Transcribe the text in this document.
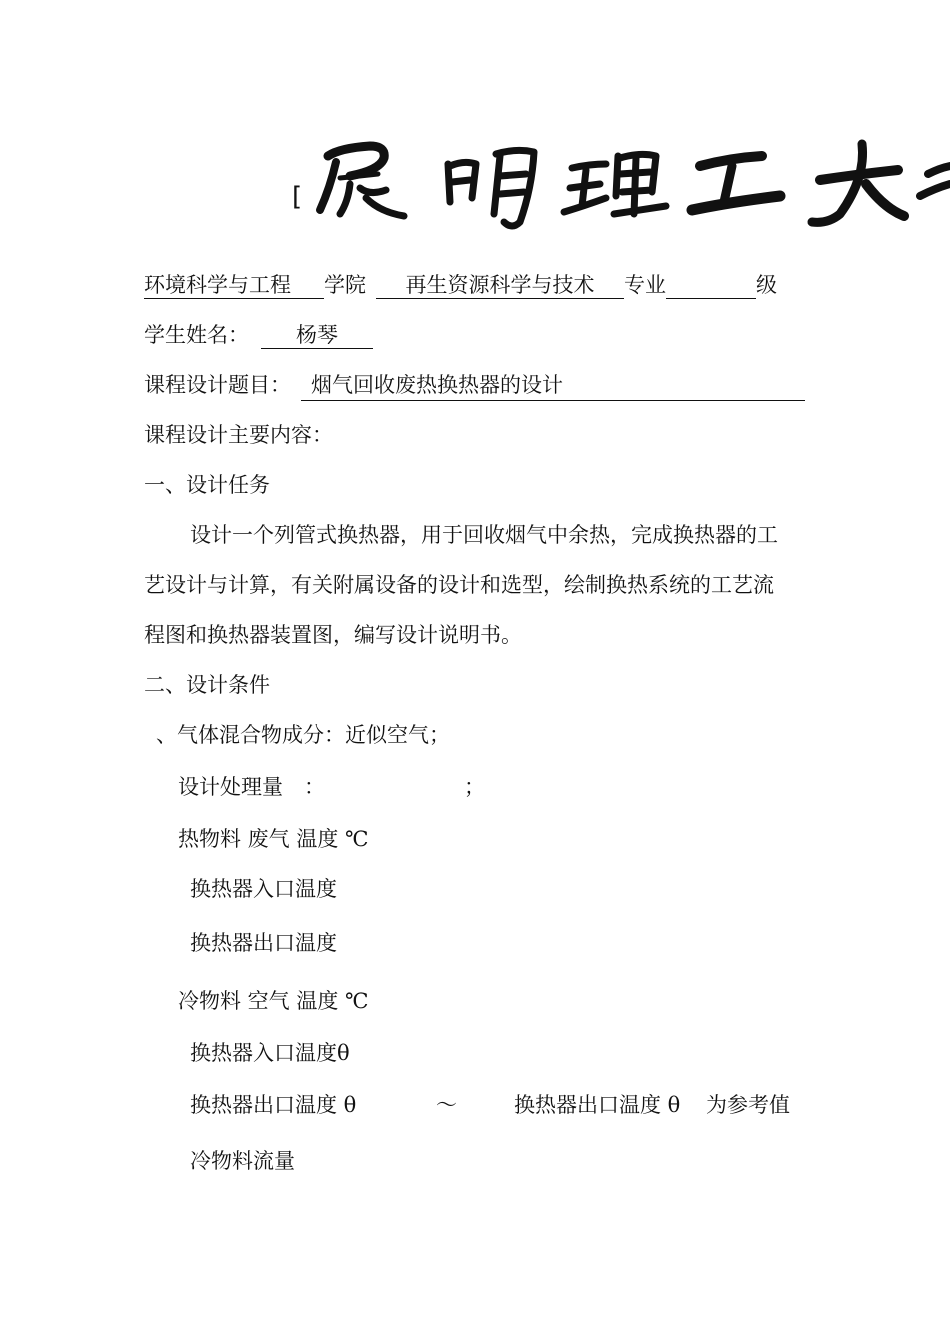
[
环境科学与工程 学院 再生资源科学与技术 专业	级
学生姓名： 杨琴
课程设计题目： 烟气回收废热换热器的设计
课程设计主要内容：
一、设计任务
设计一个列管式换热器，用于回收烟气中余热，完成换热器的工
艺设计与计算，有关附属设备的设计和选型，绘制换热系统的工艺流
程图和换热器装置图，编写设计说明书。
二、设计条件
、气体混合物成分：近似空气；
设计处理量 ：	；
热物料 废气 温度 ℃
换热器入口温度
换热器出口温度
冷物料 空气 温度 ℃
换热器入口温度θ
换热器出口温度 θ	～	换热器出口温度 θ 为参考值
冷物料流量
